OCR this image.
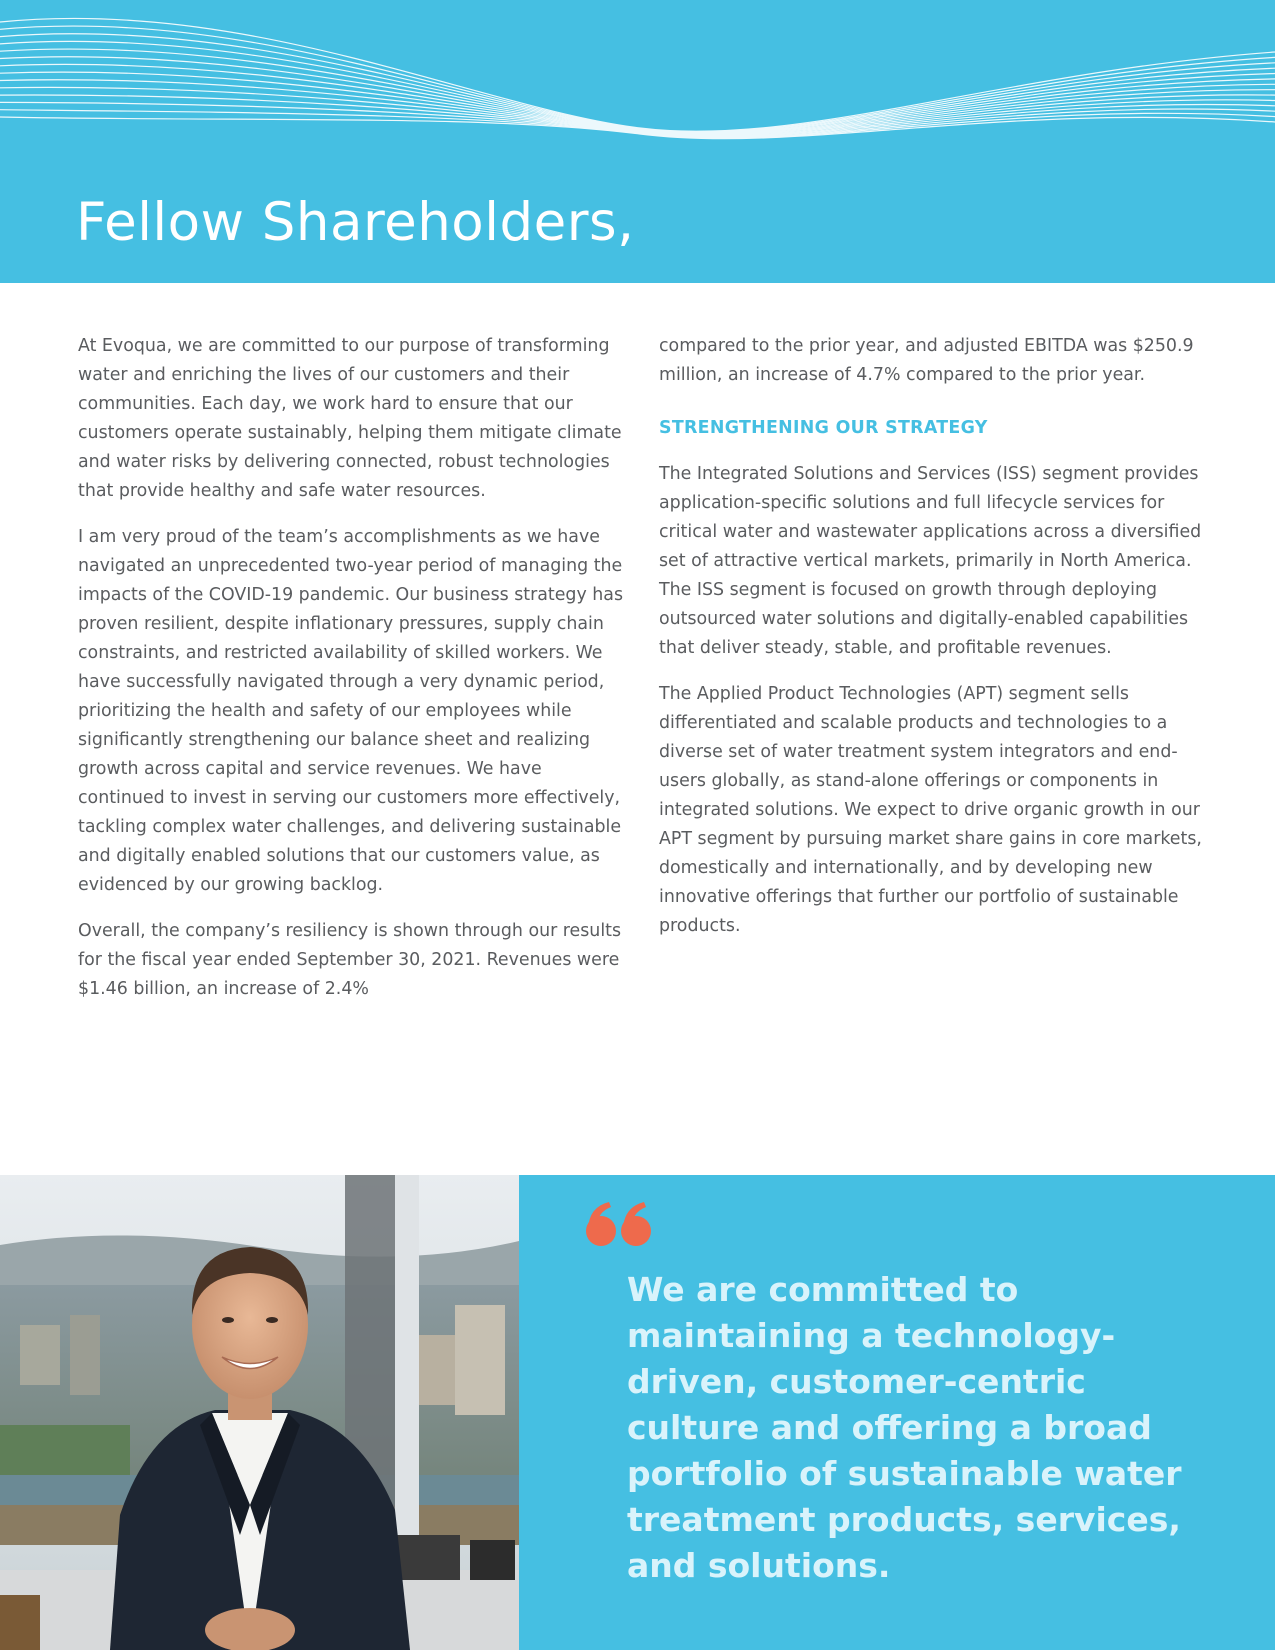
Fellow Shareholders,

At Evoqua, we are committed to our purpose of transforming water and enriching the lives of our customers and their communities. Each day, we work hard to ensure that our customers operate sustainably, helping them mitigate climate and water risks by delivering connected, robust technologies that provide healthy and safe water resources.

I am very proud of the team’s accomplishments as we have navigated an unprecedented two-year period of managing the impacts of the COVID-19 pandemic. Our business strategy has proven resilient, despite inflationary pressures, supply chain constraints, and restricted availability of skilled workers. We have successfully navigated through a very dynamic period, prioritizing the health and safety of our employees while significantly strengthening our balance sheet and realizing growth across capital and service revenues. We have continued to invest in serving our customers more effectively, tackling complex water challenges, and delivering sustainable and digitally enabled solutions that our customers value, as evidenced by our growing backlog.

Overall, the company’s resiliency is shown through our results for the fiscal year ended September 30, 2021. Revenues were $1.46 billion, an increase of 2.4%

compared to the prior year, and adjusted EBITDA was $250.9 million, an increase of 4.7% compared to the prior year.

STRENGTHENING OUR STRATEGY

The Integrated Solutions and Services (ISS) segment provides application-specific solutions and full lifecycle services for critical water and wastewater applications across a diversified set of attractive vertical markets, primarily in North America. The ISS segment is focused on growth through deploying outsourced water solutions and digitally-enabled capabilities that deliver steady, stable, and profitable revenues.

The Applied Product Technologies (APT) segment sells differentiated and scalable products and technologies to a diverse set of water treatment system integrators and end-users globally, as stand-alone offerings or components in integrated solutions. We expect to drive organic growth in our APT segment by pursuing market share gains in core markets, domestically and internationally, and by developing new innovative offerings that further our portfolio of sustainable products.

We are committed to maintaining a technology-driven, customer-centric culture and offering a broad portfolio of sustainable water treatment products, services, and solutions.
